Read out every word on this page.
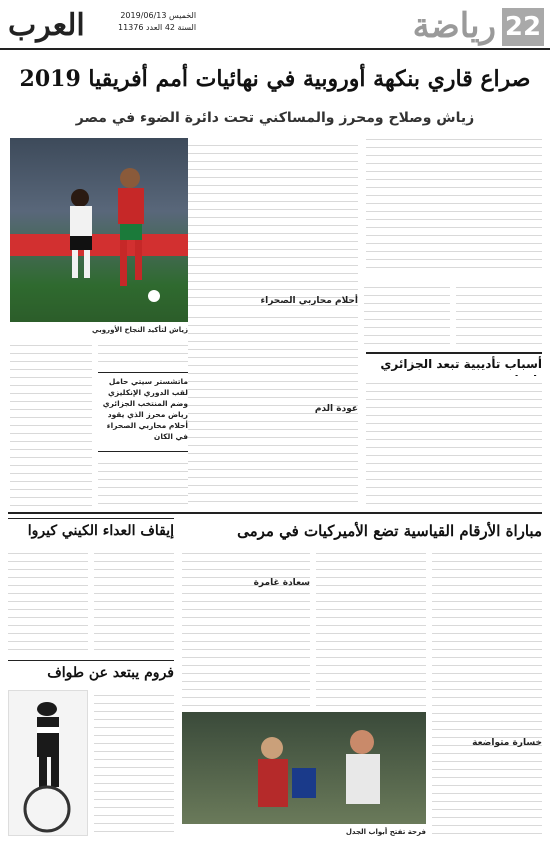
22
رياضة
العرب	الخميس 2019/06/13
السنة 42 العدد 11376
صراع قاري بنكهة أوروبية في نهائيات أمم أفريقيا 2019
زياش وصلاح ومحرز والمساكني تحت دائرة الضوء في مصر

زياش لتأكيد النجاح الأوروبي
أحلام محاربي الصحراء
أسباب تأديبية تبعد الجزائري
عودة الدم
ماتشستر سيتي حامل لقب الدوري الإنكليزي وضم المنتخب الجزائري رياض محرز الذي يقود أحلام محاربي الصحراء في الكان
مباراة الأرقام القياسية تضع الأميركيات في مرمى
سعادة غامرة
خسارة متواضعة
فرحة تفتح أبواب الجدل
إيقاف العداء الكيني كيروا
فروم يبتعد عن طواف
